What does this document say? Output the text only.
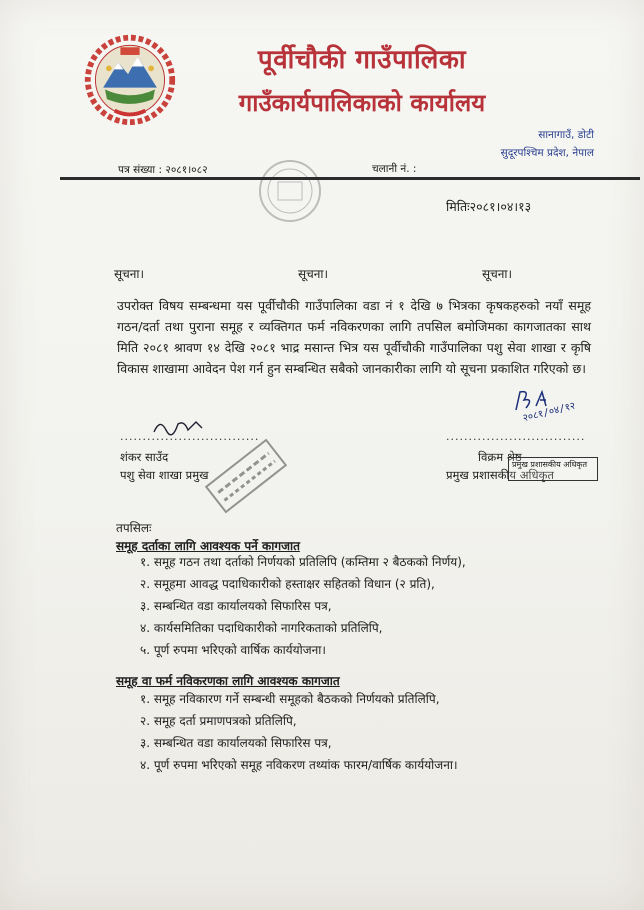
पूर्वीचौकी गाउँपालिका
गाउँकार्यपालिकाको कार्यालय
सानागाउँ, डोटी
सुदूरपश्चिम प्रदेश, नेपाल
पत्र संख्या : २०८१।०८२	चलानी नं. :
मितिः२०८१।०४।१३
सूचना।	सूचना।	सूचना।
उपरोक्त विषय सम्बन्धमा यस पूर्वीचौकी गाउँपालिका वडा नं १ देखि ७ भित्रका कृषकहरुको नयाँ समूह गठन/दर्ता तथा पुराना समूह र व्यक्तिगत फर्म नविकरणका लागि तपसिल बमोजिमका कागजातका साथ मिति २०८१ श्रावण १४ देखि २०८१ भाद्र मसान्त भित्र यस पूर्वीचौकी गाउँपालिका पशु सेवा शाखा र कृषि विकास शाखामा आवेदन पेश गर्न हुन सम्बन्धित सबैको जानकारीका लागि यो सूचना प्रकाशित गरिएको छ।
...............................	...............................
२०८१/०४/१२
शंकर साउँद
पशु सेवा शाखा प्रमुख
विक्रम श्रेष्ठ
प्रमुख प्रशासकीय अधिकृत
प्रमुख प्रशासकीय अधिकृत
तपसिलः
समूह दर्ताका लागि आवश्यक पर्ने कागजात
१. समूह गठन तथा दर्ताको निर्णयको प्रतिलिपि (कम्तिमा २ बैठकको निर्णय),
२. समूहमा आवद्ध पदाधिकारीको हस्ताक्षर सहितको विधान (२ प्रति),
३. सम्बन्धित वडा कार्यालयको सिफारिस पत्र,
४. कार्यसमितिका पदाधिकारीको नागरिकताको प्रतिलिपि,
५. पूर्ण रुपमा भरिएको वार्षिक कार्ययोजना।
समूह वा फर्म नविकरणका लागि आवश्यक कागजात
१. समूह नविकारण गर्ने सम्बन्धी समूहको बैठकको निर्णयको प्रतिलिपि,
२. समूह दर्ता प्रमाणपत्रको प्रतिलिपि,
३. सम्बन्धित वडा कार्यालयको सिफारिस पत्र,
४. पूर्ण रुपमा भरिएको समूह नविकरण तथ्यांक फारम/वार्षिक कार्ययोजना।
